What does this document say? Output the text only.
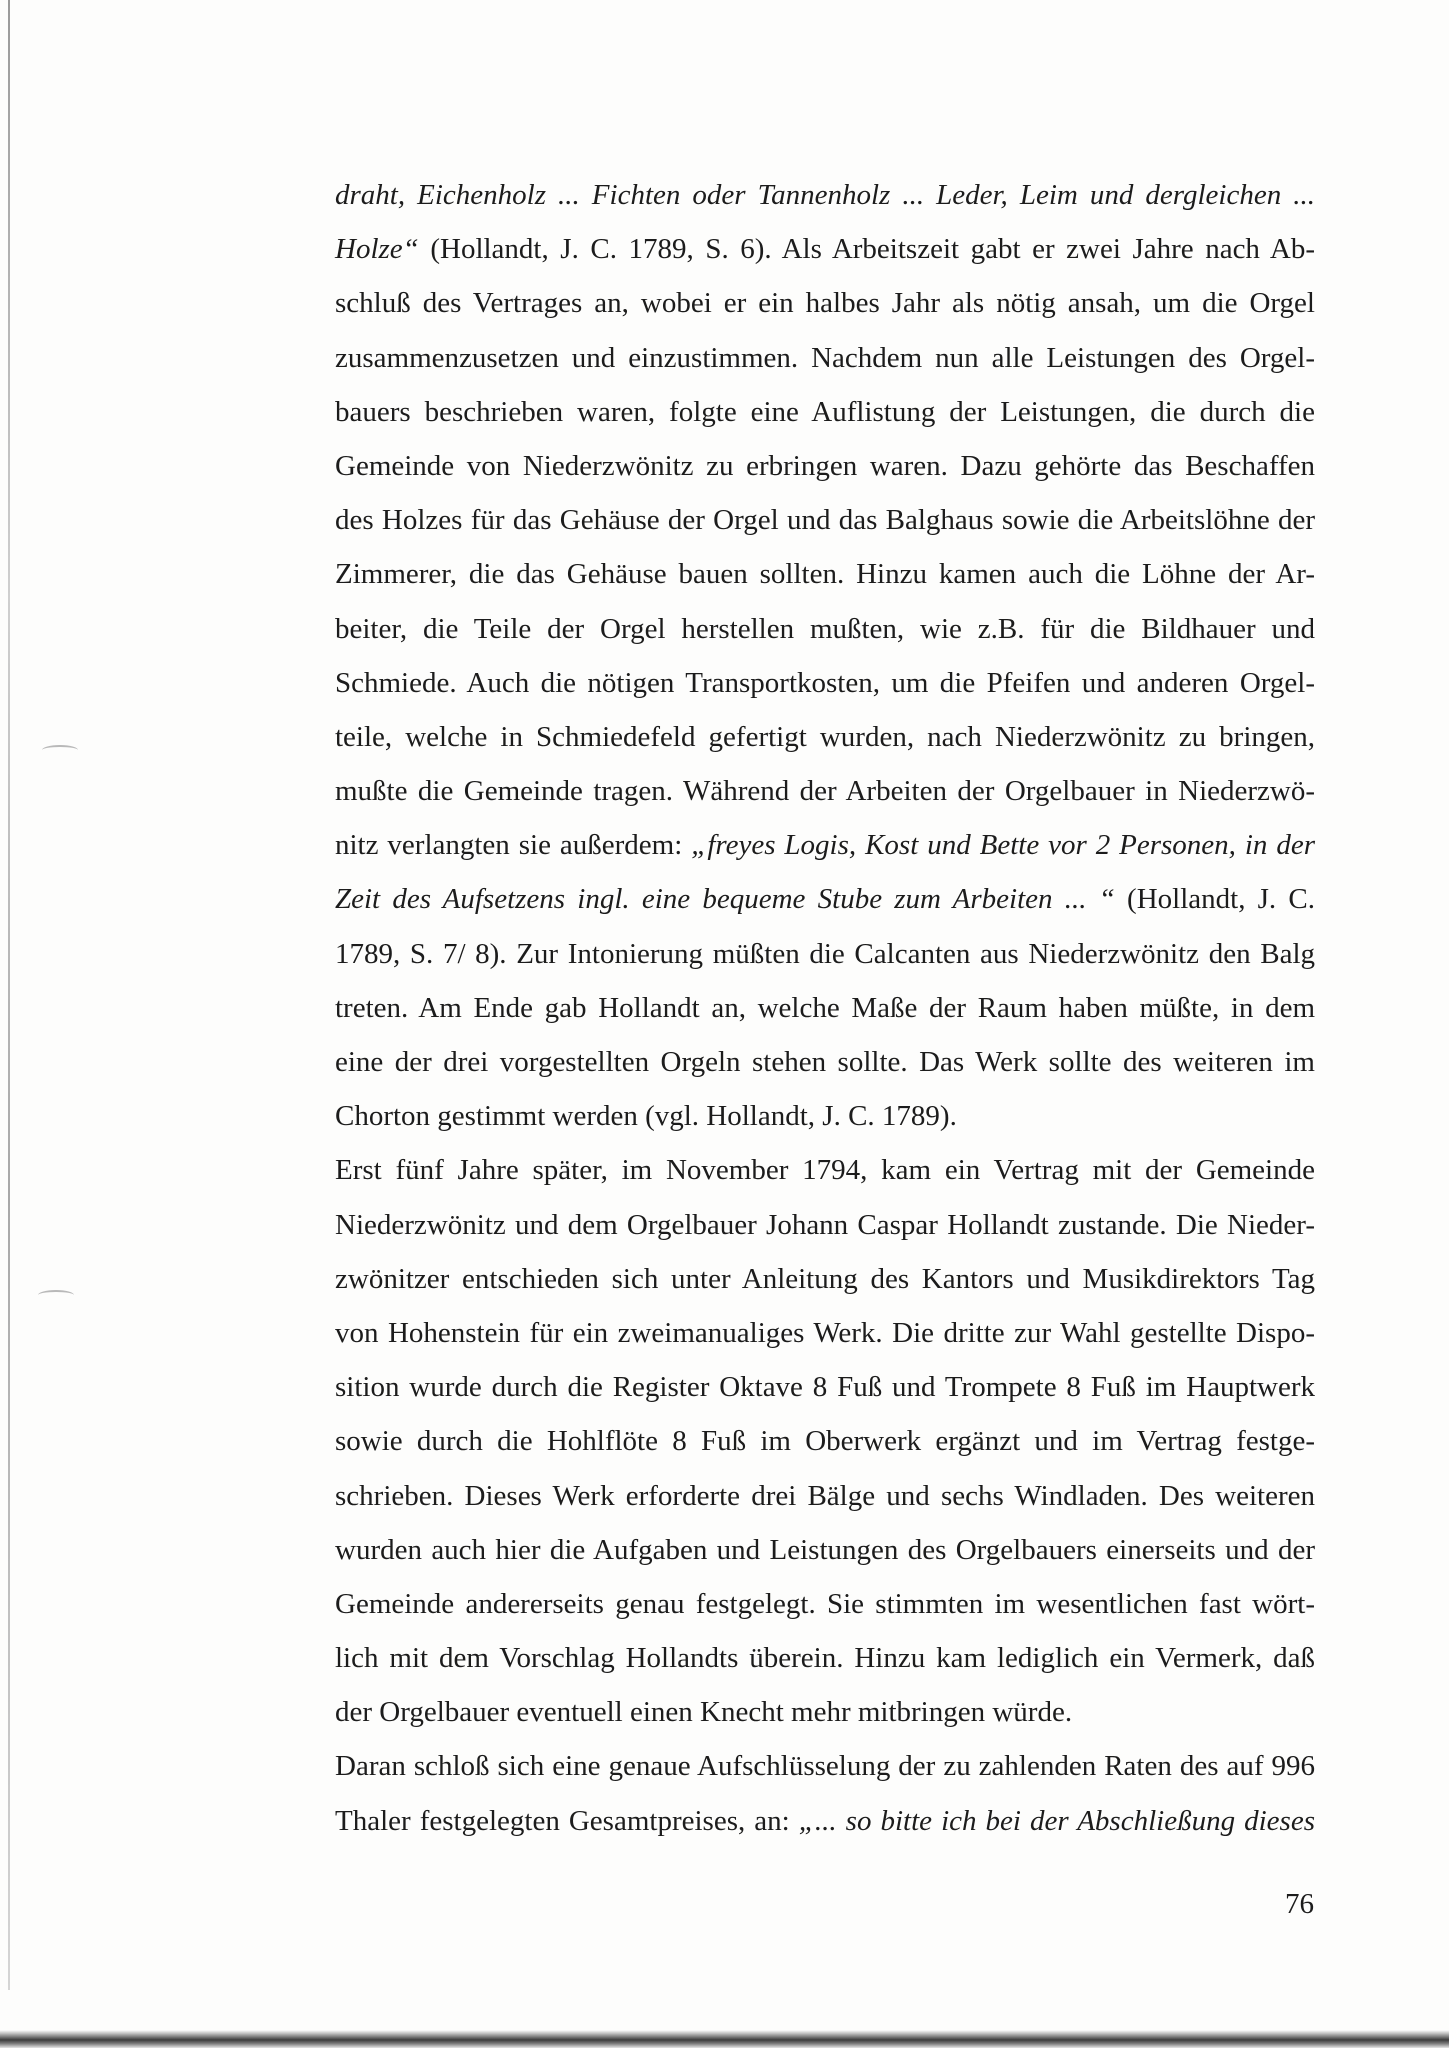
draht, Eichenholz ... Fichten oder Tannenholz ... Leder, Leim und dergleichen ...
Holze“ (Hollandt, J. C. 1789, S. 6). Als Arbeitszeit gabt er zwei Jahre nach Ab-
schluß des Vertrages an, wobei er ein halbes Jahr als nötig ansah, um die Orgel
zusammenzusetzen und einzustimmen. Nachdem nun alle Leistungen des Orgel-
bauers beschrieben waren, folgte eine Auflistung der Leistungen, die durch die
Gemeinde von Niederzwönitz zu erbringen waren. Dazu gehörte das Beschaffen
des Holzes für das Gehäuse der Orgel und das Balghaus sowie die Arbeitslöhne der
Zimmerer, die das Gehäuse bauen sollten. Hinzu kamen auch die Löhne der Ar-
beiter, die Teile der Orgel herstellen mußten, wie z.B. für die Bildhauer und
Schmiede. Auch die nötigen Transportkosten, um die Pfeifen und anderen Orgel-
teile, welche in Schmiedefeld gefertigt wurden, nach Niederzwönitz zu bringen,
mußte die Gemeinde tragen. Während der Arbeiten der Orgelbauer in Niederzwö-
nitz verlangten sie außerdem: „freyes Logis, Kost und Bette vor 2 Personen, in der
Zeit des Aufsetzens ingl. eine bequeme Stube zum Arbeiten ... “ (Hollandt, J. C.
1789, S. 7/ 8). Zur Intonierung müßten die Calcanten aus Niederzwönitz den Balg
treten. Am Ende gab Hollandt an, welche Maße der Raum haben müßte, in dem
eine der drei vorgestellten Orgeln stehen sollte. Das Werk sollte des weiteren im
Chorton gestimmt werden (vgl. Hollandt, J. C. 1789).
Erst fünf Jahre später, im November 1794, kam ein Vertrag mit der Gemeinde
Niederzwönitz und dem Orgelbauer Johann Caspar Hollandt zustande. Die Nieder-
zwönitzer entschieden sich unter Anleitung des Kantors und Musikdirektors Tag
von Hohenstein für ein zweimanualiges Werk. Die dritte zur Wahl gestellte Dispo-
sition wurde durch die Register Oktave 8 Fuß und Trompete 8 Fuß im Hauptwerk
sowie durch die Hohlflöte 8 Fuß im Oberwerk ergänzt und im Vertrag festge-
schrieben. Dieses Werk erforderte drei Bälge und sechs Windladen. Des weiteren
wurden auch hier die Aufgaben und Leistungen des Orgelbauers einerseits und der
Gemeinde andererseits genau festgelegt. Sie stimmten im wesentlichen fast wört-
lich mit dem Vorschlag Hollandts überein. Hinzu kam lediglich ein Vermerk, daß
der Orgelbauer eventuell einen Knecht mehr mitbringen würde.
Daran schloß sich eine genaue Aufschlüsselung der zu zahlenden Raten des auf 996
Thaler festgelegten Gesamtpreises, an: „... so bitte ich bei der Abschließung dieses
76
